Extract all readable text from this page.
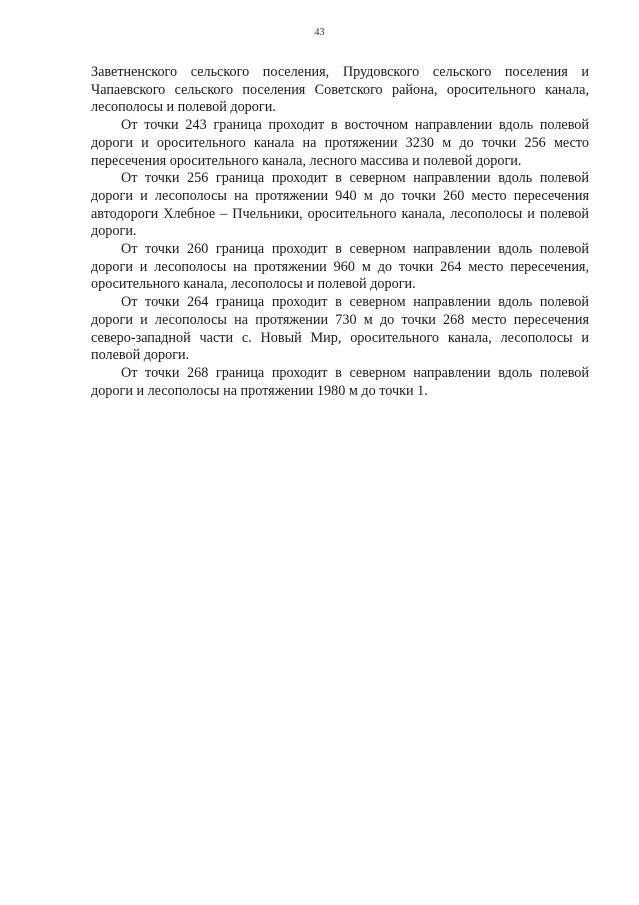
43

Заветненского сельского поселения, Прудовского сельского поселения и Чапаевского сельского поселения Советского района, оросительного канала, лесополосы и полевой дороги.

От точки 243 граница проходит в восточном направлении вдоль полевой дороги и оросительного канала на протяжении 3230 м до точки 256 место пересечения оросительного канала, лесного массива и полевой дороги.

От точки 256 граница проходит в северном направлении вдоль полевой дороги и лесополосы на протяжении 940 м до точки 260 место пересечения автодороги Хлебное – Пчельники, оросительного канала, лесополосы и полевой дороги.

От точки 260 граница проходит в северном направлении вдоль полевой дороги и лесополосы на протяжении 960 м до точки 264 место пересечения, оросительного канала, лесополосы и полевой дороги.

От точки 264 граница проходит в северном направлении вдоль полевой дороги и лесополосы на протяжении 730 м до точки 268 место пересечения северо-западной части с. Новый Мир, оросительного канала, лесополосы и полевой дороги.

От точки 268 граница проходит в северном направлении вдоль полевой дороги и лесополосы на протяжении 1980 м до точки 1.
